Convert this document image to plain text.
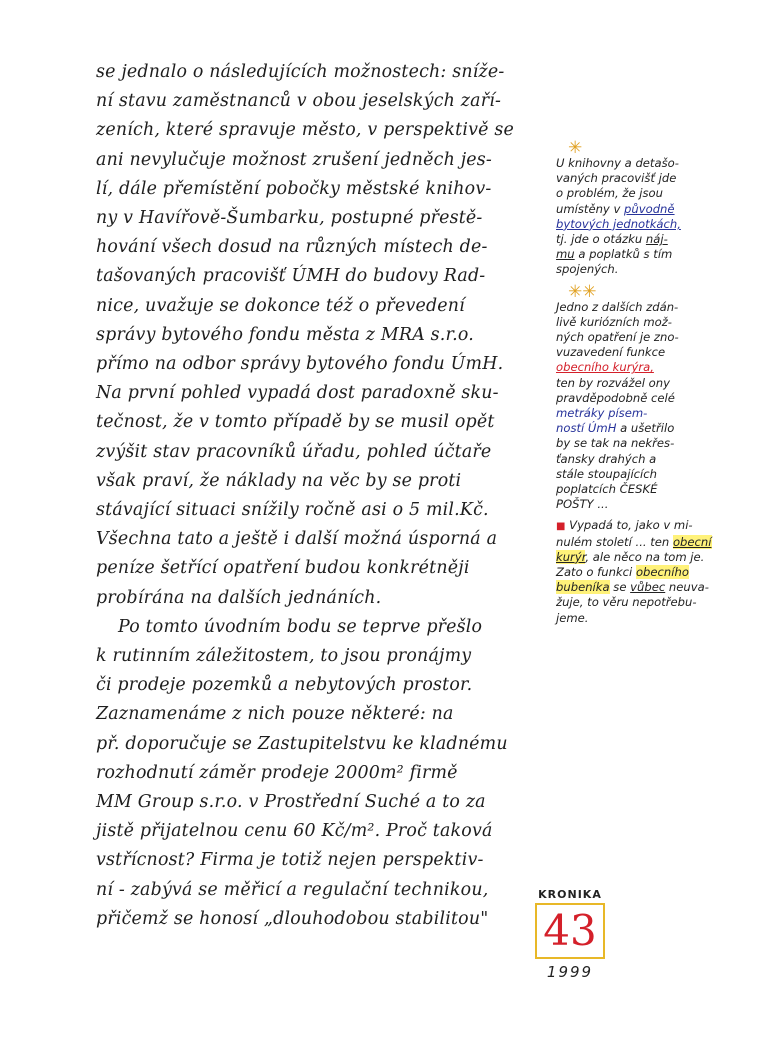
se jednalo o následujících možnostech: sníže-
ní stavu zaměstnanců v obou jeselských zaří-
zeních, které spravuje město, v perspektivě se
ani nevylučuje možnost zrušení jedněch jes-
lí, dále přemístění pobočky městské knihov-
ny v Havířově-Šumbarku, postupné přestě-
hování všech dosud na různých místech de-
tašovaných pracovišť ÚMH do budovy Rad-
nice, uvažuje se dokonce též o převedení
správy bytového fondu města z MRA s.r.o.
přímo na odbor správy bytového fondu ÚmH.
Na první pohled vypadá dost paradoxně sku-
tečnost, že v tomto případě by se musil opět
zvýšit stav pracovníků úřadu, pohled účtaře
však praví, že náklady na věc by se proti
stávající situaci snížily ročně asi o 5 mil.Kč.
Všechna tato a ještě i další možná úsporná a
peníze šetřící opatření budou konkrétněji
probírána na dalších jednáních.
Po tomto úvodním bodu se teprve přešlo
k rutinním záležitostem, to jsou pronájmy
či prodeje pozemků a nebytových prostor.
Zaznamenáme z nich pouze některé: na
př. doporučuje se Zastupitelstvu ke kladnému
rozhodnutí záměr prodeje 2000m² firmě
MM Group s.r.o. v Prostřední Suché a to za
jistě přijatelnou cenu 60 Kč/m². Proč taková
vstřícnost? Firma je totiž nejen perspektiv-
ní - zabývá se měřicí a regulační technikou,
přičemž se honosí „dlouhodobou stabilitou"
✳
U knihovny a detašo-
vaných pracovišť jde
o problém, že jsou
umístěny v původně
bytových jednotkách,
tj. jde o otázku náj-
mu a poplatků s tím
spojených.
✳✳
Jedno z dalších zdán-
livě kuriózních mož-
ných opatření je zno-
vuzavedení funkce
obecního kurýra,
ten by rozvážel ony
pravděpodobně celé
metráky písem-
ností ÚmH a ušetřilo
by se tak na nekřes-
ťansky drahých a
stále stoupajících
poplatcích ČESKÉ
POŠTY ...
■ Vypadá to, jako v mi-
nulém století ... ten obecní
kurýr, ale něco na tom je.
Zato o funkci obecního
bubeníka se vůbec neuva-
žuje, to věru nepotřebu-
jeme.
KRONIKA
43
1999
